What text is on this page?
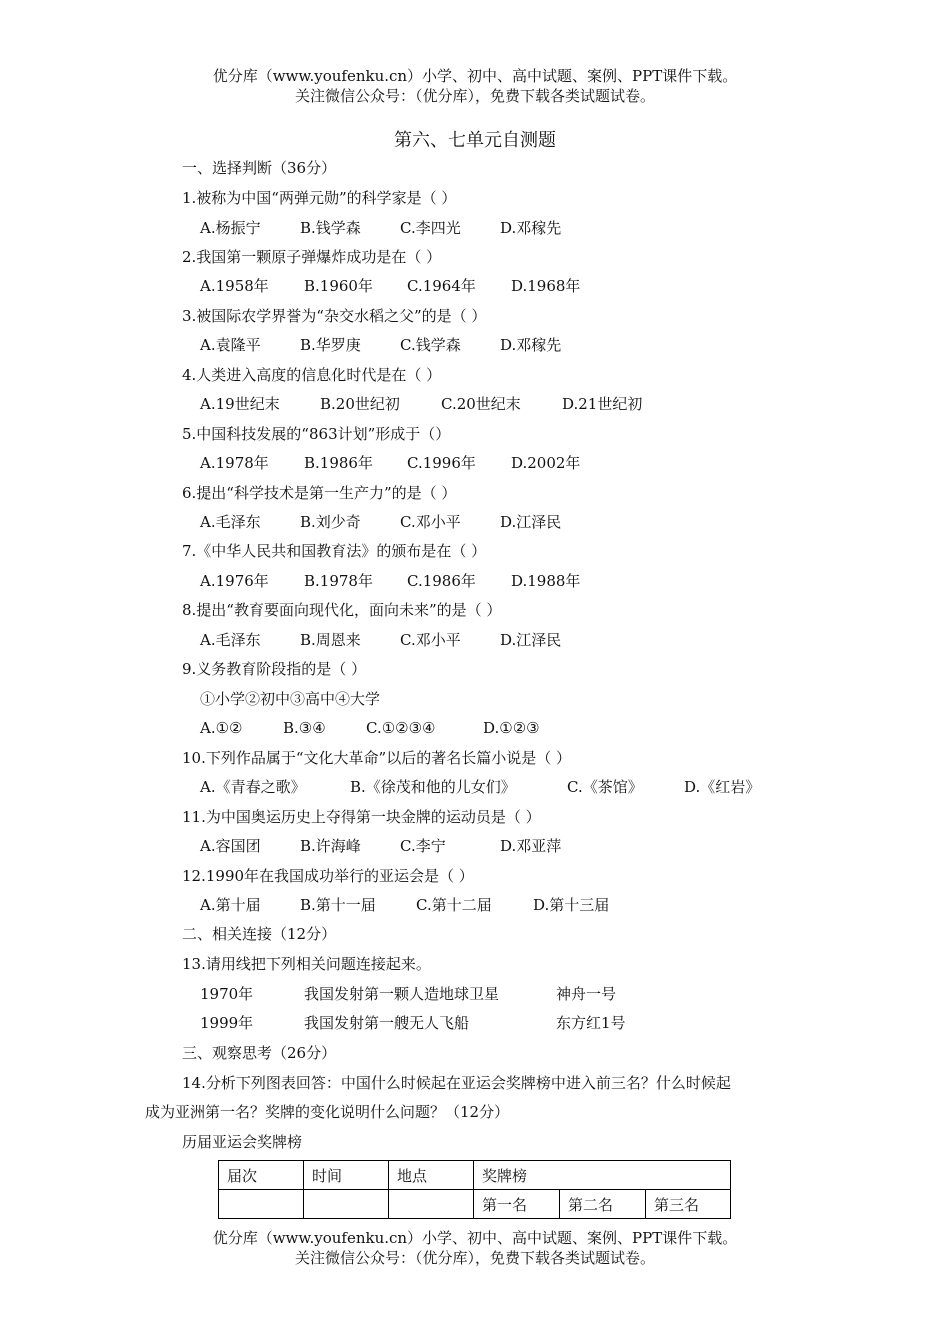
优分库（www.youfenku.cn）小学、初中、高中试题、案例、PPT课件下载。
关注微信公众号：（优分库），免费下载各类试题试卷。
第六、七单元自测题
一、选择判断（36分）
1.被称为中国“两弹元勋”的科学家是（ ）
A.杨振宁	B.钱学森	C.李四光	D.邓稼先
2.我国第一颗原子弹爆炸成功是在（ ）
A.1958年 B.1960年 C.1964年 D.1968年
3.被国际农学界誉为“杂交水稻之父”的是（ ）
A.袁隆平	B.华罗庚	C.钱学森	D.邓稼先
4.人类进入高度的信息化时代是在（ ）
A.19世纪末	B.20世纪初	C.20世纪末	D.21世纪初
5.中国科技发展的“863计划”形成于（）
A.1978年 B.1986年 C.1996年 D.2002年
6.提出“科学技术是第一生产力”的是（ ）
A.毛泽东	B.刘少奇	C.邓小平	D.江泽民
7.《中华人民共和国教育法》的颁布是在（ ）
A.1976年 B.1978年 C.1986年 D.1988年
8.提出“教育要面向现代化，面向未来”的是（ ）
A.毛泽东	B.周恩来	C.邓小平	D.江泽民
9.义务教育阶段指的是（ ）
①小学②初中③高中④大学
A.①②	B.③④	C.①②③④	D.①②③
10.下列作品属于“文化大革命”以后的著名长篇小说是（ ）
A.《青春之歌》	B.《徐茂和他的儿女们》	C.《茶馆》	D.《红岩》
11.为中国奥运历史上夺得第一块金牌的运动员是（ ）
A.容国团	B.许海峰	C.李宁	D.邓亚萍
12.1990年在我国成功举行的亚运会是（ ）
A.第十届	B.第十一届	C.第十二届	D.第十三届
二、相关连接（12分）
13.请用线把下列相关问题连接起来。
1970年	我国发射第一颗人造地球卫星	神舟一号
1999年	我国发射第一艘无人飞船	东方红1号
三、观察思考（26分）
14.分析下列图表回答：中国什么时候起在亚运会奖牌榜中进入前三名？什么时候起
成为亚洲第一名？奖牌的变化说明什么问题？（12分）
历届亚运会奖牌榜
届次	时间	地点	奖牌榜		
			第一名	第二名	第三名
优分库（www.youfenku.cn）小学、初中、高中试题、案例、PPT课件下载。
关注微信公众号：（优分库），免费下载各类试题试卷。
